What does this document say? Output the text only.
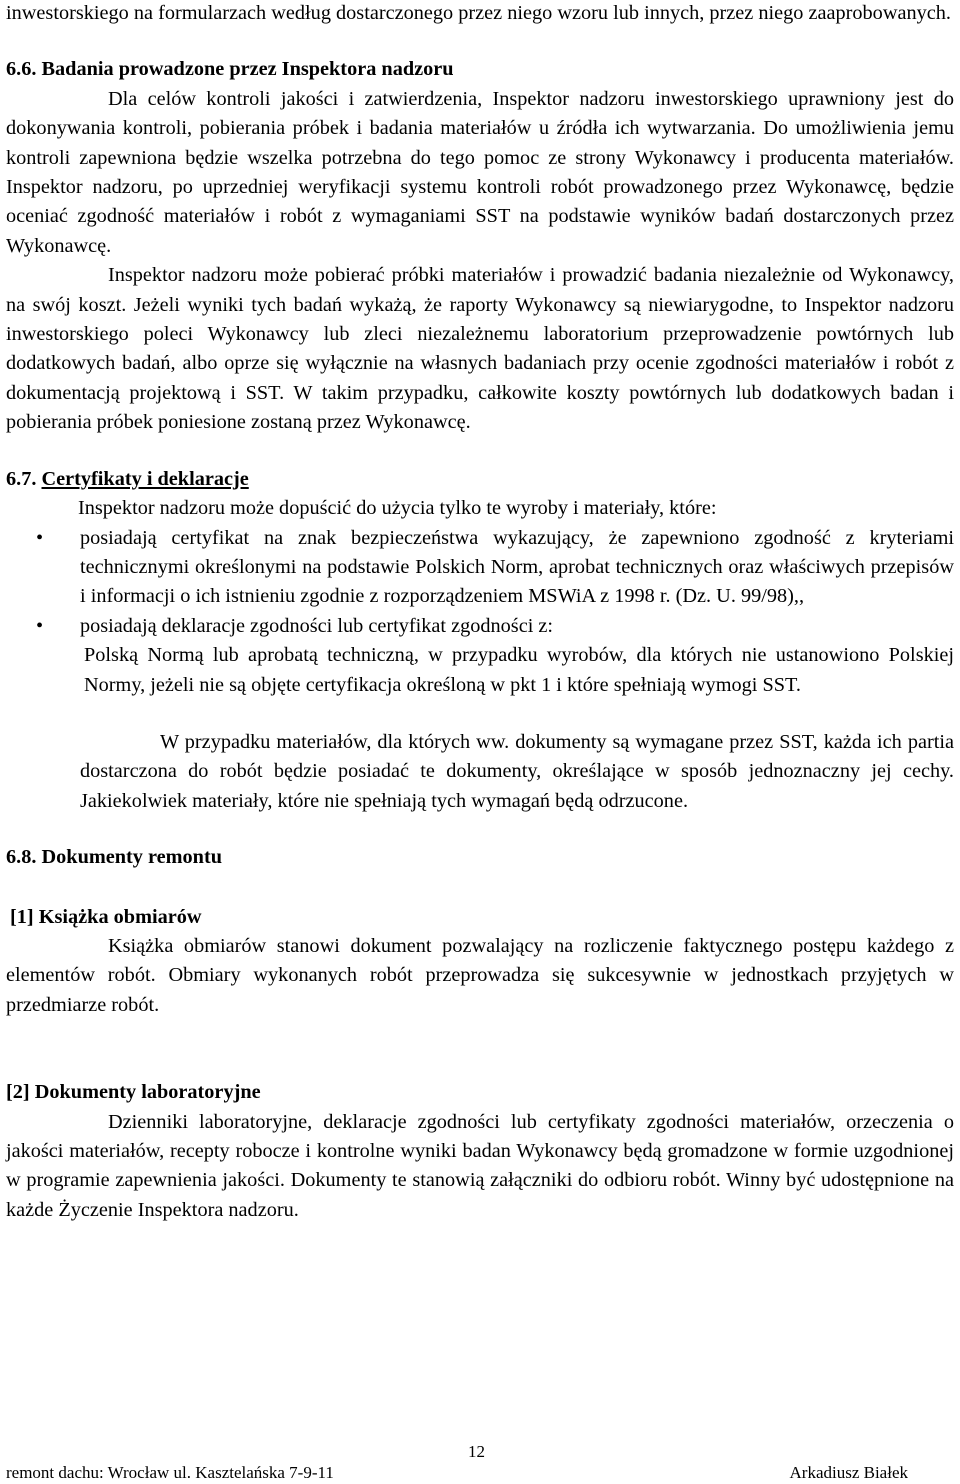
inwestorskiego na formularzach według dostarczonego przez niego wzoru lub innych, przez niego zaaprobowanych.

6.6. Badania prowadzone przez Inspektora nadzoru

Dla celów kontroli jakości i zatwierdzenia, Inspektor nadzoru inwestorskiego uprawniony jest do dokonywania kontroli, pobierania próbek i badania materiałów u źródła ich wytwarzania. Do umożliwienia jemu kontroli zapewniona będzie wszelka potrzebna do tego pomoc ze strony Wykonawcy i producenta materiałów. Inspektor nadzoru, po uprzedniej weryfikacji systemu kontroli robót prowadzonego przez Wykonawcę, będzie oceniać zgodność materiałów i robót z wymaganiami SST na podstawie wyników badań dostarczonych przez Wykonawcę.

Inspektor nadzoru może pobierać próbki materiałów i prowadzić badania niezależnie od Wykonawcy, na swój koszt. Jeżeli wyniki tych badań wykażą, że raporty Wykonawcy są niewiarygodne, to Inspektor nadzoru inwestorskiego poleci Wykonawcy lub zleci niezależnemu laboratorium przeprowadzenie powtórnych lub dodatkowych badań, albo oprze się wyłącznie na własnych badaniach przy ocenie zgodności materiałów i robót z dokumentacją projektową i SST. W takim przypadku, całkowite koszty powtórnych lub dodatkowych badan i pobierania próbek poniesione zostaną przez Wykonawcę.

6.7. Certyfikaty i deklaracje

Inspektor nadzoru może dopuścić do użycia tylko te wyroby i materiały, które:

• posiadają certyfikat na znak bezpieczeństwa wykazujący, że zapewniono zgodność z kryteriami technicznymi określonymi na podstawie Polskich Norm, aprobat technicznych oraz właściwych przepisów i informacji o ich istnieniu zgodnie z rozporządzeniem MSWiA z 1998 r. (Dz. U. 99/98),,
• posiadają deklaracje zgodności lub certyfikat zgodności z:

Polską Normą lub aprobatą techniczną, w przypadku wyrobów, dla których nie ustanowiono Polskiej Normy, jeżeli nie są objęte certyfikacja określoną w pkt 1 i które spełniają wymogi SST.

W przypadku materiałów, dla których ww. dokumenty są wymagane przez SST, każda ich partia dostarczona do robót będzie posiadać te dokumenty, określające w sposób jednoznaczny jej cechy. Jakiekolwiek materiały, które nie spełniają tych wymagań będą odrzucone.

6.8. Dokumenty remontu
[1] Książka obmiarów

Książka obmiarów stanowi dokument pozwalający na rozliczenie faktycznego postępu każdego z elementów robót. Obmiary wykonanych robót przeprowadza się sukcesywnie w jednostkach przyjętych w przedmiarze robót.

[2] Dokumenty laboratoryjne

Dzienniki laboratoryjne, deklaracje zgodności lub certyfikaty zgodności materiałów, orzeczenia o jakości materiałów, recepty robocze i kontrolne wyniki badan Wykonawcy będą gromadzone w formie uzgodnionej w programie zapewnienia jakości. Dokumenty te stanowią załączniki do odbioru robót. Winny być udostępnione na każde Życzenie Inspektora nadzoru.

12
remont dachu: Wrocław ul. Kasztelańska 7-9-11	Arkadiusz Białek
